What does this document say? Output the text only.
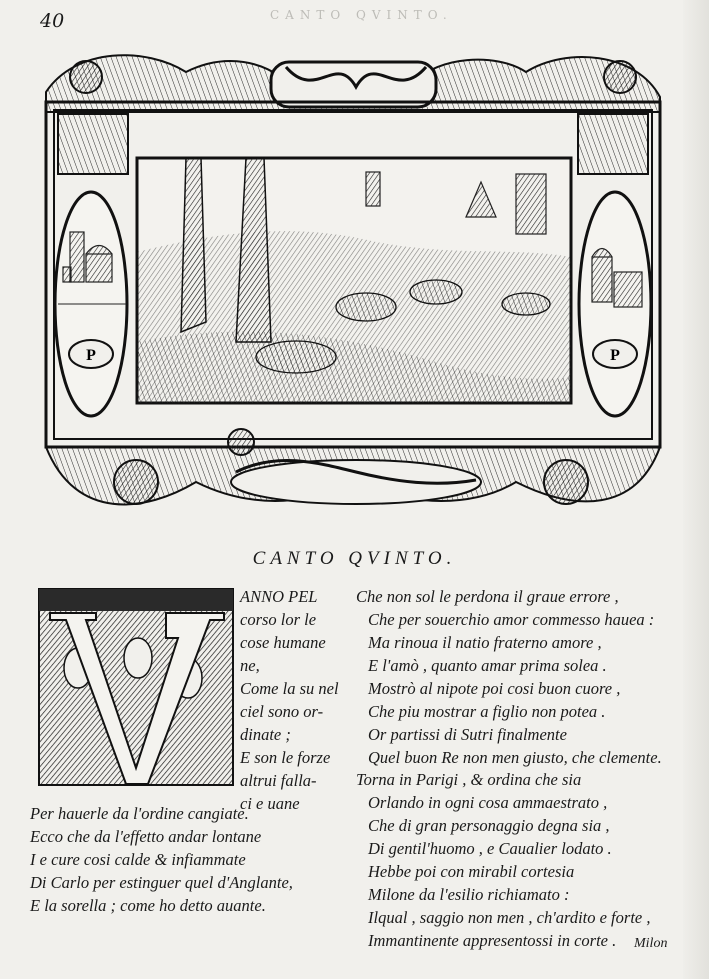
40	CANTO QVINTO.
P	P
CANTO QVINTO.
ANNO PEL
corso lor le
cose humane
ne,
Come la su nel
ciel sono or-
dinate ;
E son le forze
altrui falla-
ci e uane
Per hauerle da l'ordine cangiate.
Ecco che da l'effetto andar lontane
I e cure cosi calde & infiammate
Di Carlo per estinguer quel d'Anglante,
E la sorella ; come ho detto auante.
Che non sol le perdona il graue errore ,
Che per souerchio amor commesso haueа :
Ma rinoua il natio fraterno amore ,
E l'amò , quanto amar prima solea .
Mostrò al nipote poi cosi buon cuore ,
Che piu mostrar a figlio non potea .
Or partissi di Sutri finalmente
Quel buon Re non men giusto, che clemente.
Torna in Parigi , & ordina che sia
Orlando in ogni cosa ammaestrato ,
Che di gran personaggio degna sia ,
Di gentil'huomo , e Caualier lodato .
Hebbe poi con mirabil cortesia
Milone da l'esilio richiamato :
Ilqual , saggio non men , ch'ardito e forte ,
Immantinente appresentossi in corte .	Milon
